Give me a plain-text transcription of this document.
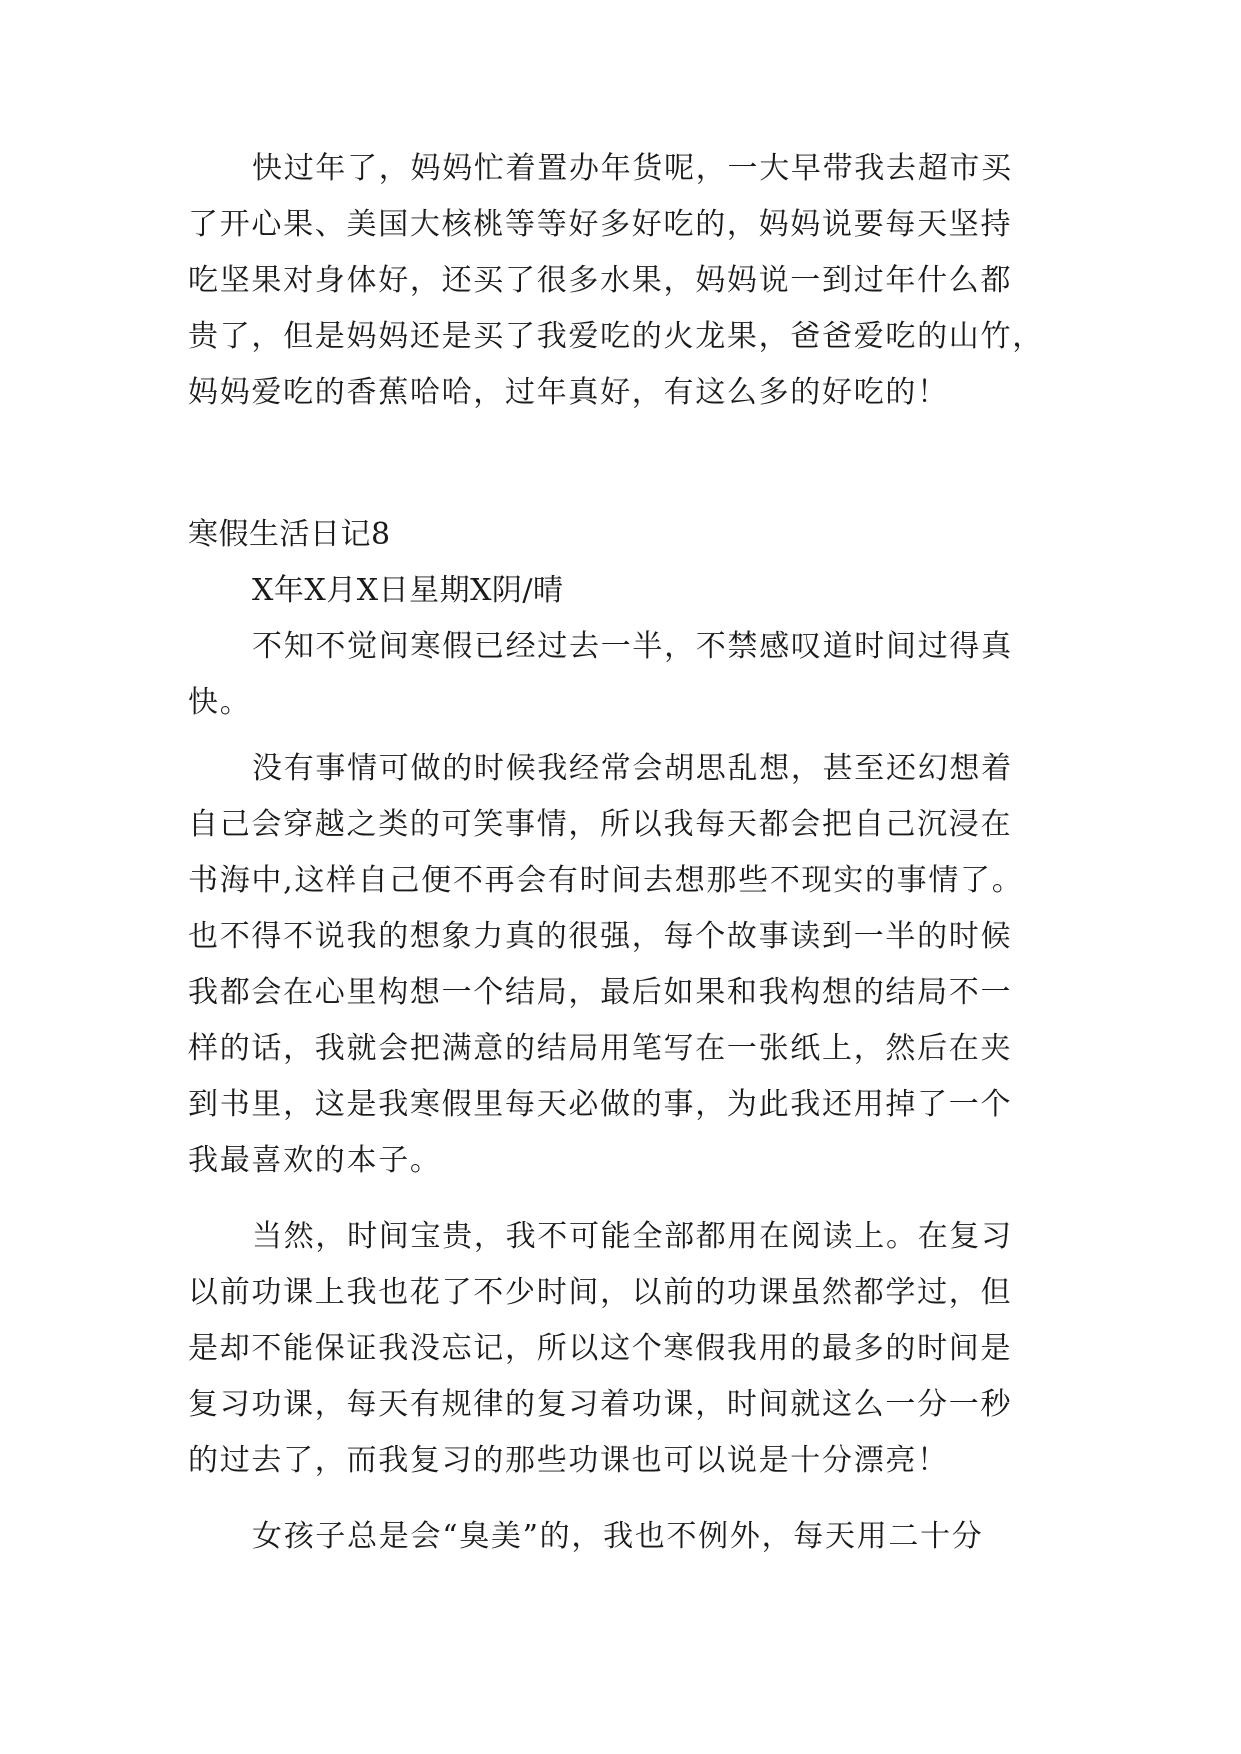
快过年了，妈妈忙着置办年货呢，一大早带我去超市买
了开心果、美国大核桃等等好多好吃的，妈妈说要每天坚持
吃坚果对身体好，还买了很多水果，妈妈说一到过年什么都
贵了，但是妈妈还是买了我爱吃的火龙果，爸爸爱吃的山竹，
妈妈爱吃的香蕉哈哈，过年真好，有这么多的好吃的！
寒假生活日记8
X年X月X日星期X阴/晴
不知不觉间寒假已经过去一半，不禁感叹道时间过得真
快。
没有事情可做的时候我经常会胡思乱想，甚至还幻想着
自己会穿越之类的可笑事情，所以我每天都会把自己沉浸在
书海中,这样自己便不再会有时间去想那些不现实的事情了。
也不得不说我的想象力真的很强，每个故事读到一半的时候
我都会在心里构想一个结局，最后如果和我构想的结局不一
样的话，我就会把满意的结局用笔写在一张纸上，然后在夹
到书里，这是我寒假里每天必做的事，为此我还用掉了一个
我最喜欢的本子。
当然，时间宝贵，我不可能全部都用在阅读上。在复习
以前功课上我也花了不少时间，以前的功课虽然都学过，但
是却不能保证我没忘记，所以这个寒假我用的最多的时间是
复习功课，每天有规律的复习着功课，时间就这么一分一秒
的过去了，而我复习的那些功课也可以说是十分漂亮！
女孩子总是会“臭美”的，我也不例外，每天用二十分
